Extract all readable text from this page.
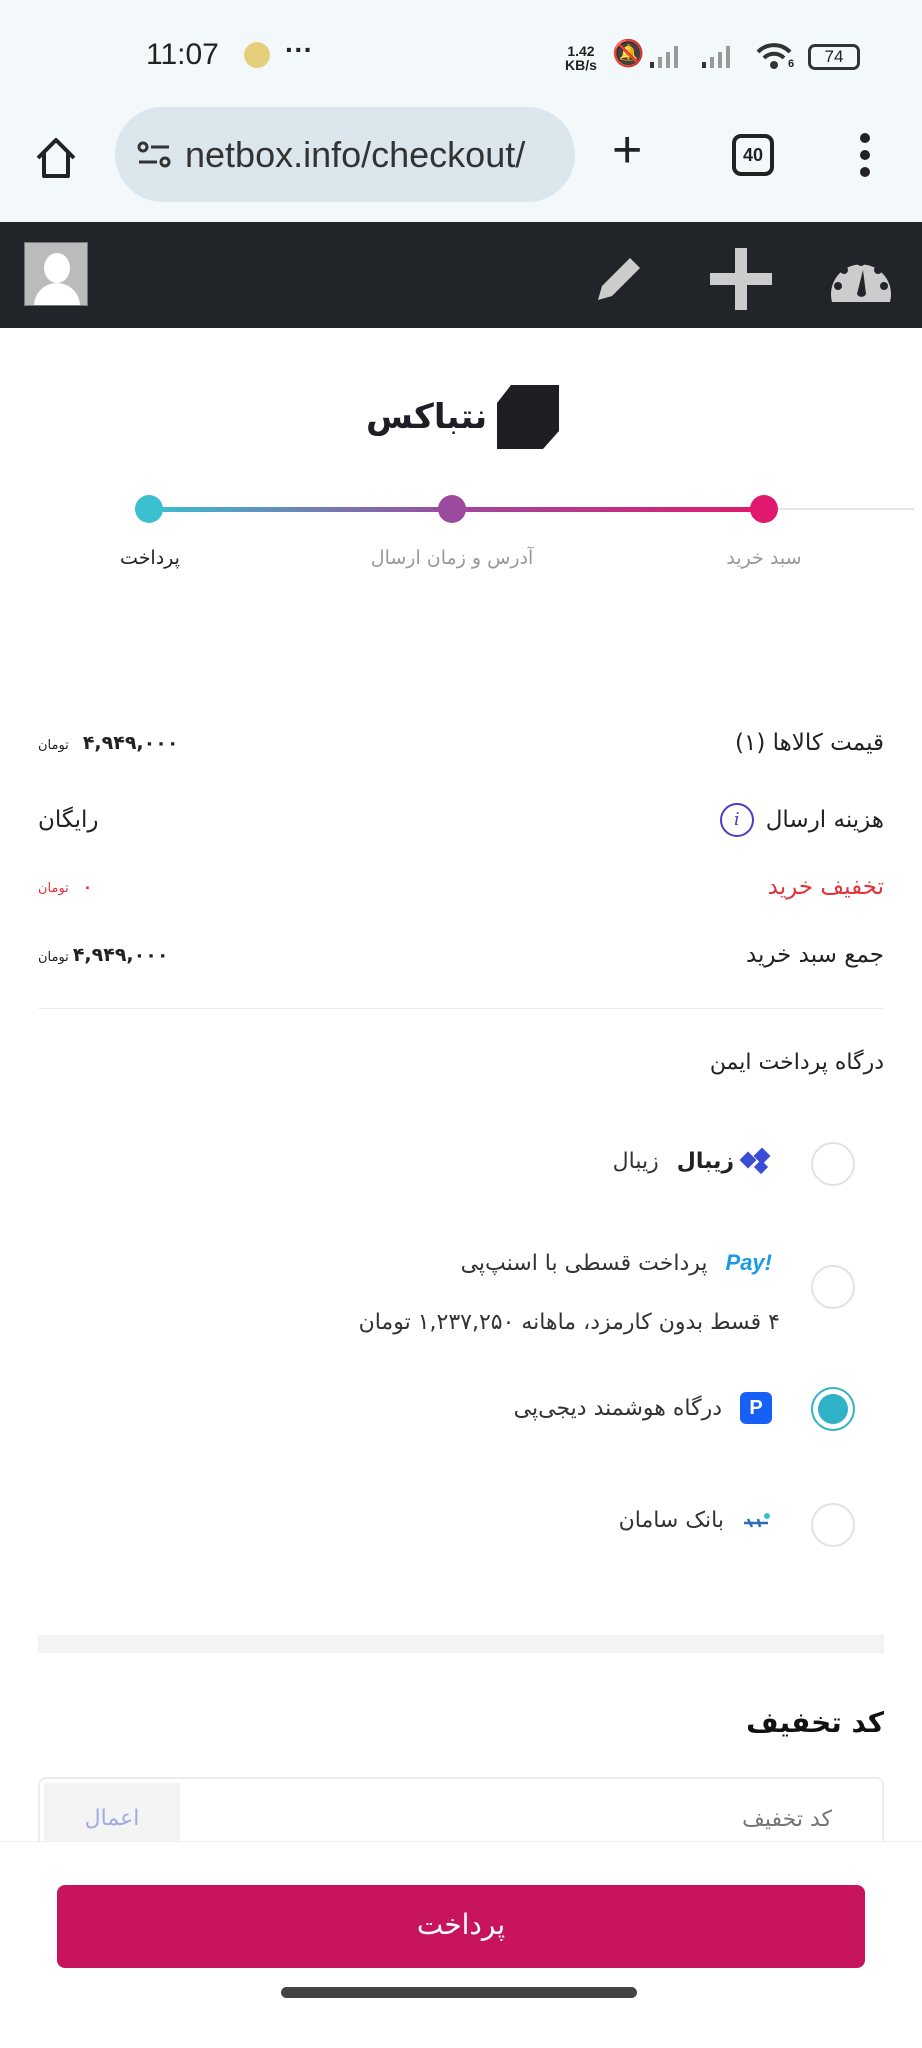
11:07 ···	1.42
KB/s 🔕	6	74
netbox.info/checkout/ +	40
نتباکس
پرداخت	آدرس و زمان ارسال	سبد خرید
قیمت کالاها (۱)
۴,۹۴۹,۰۰۰تومان
هزینه ارسال
i
رایگان
تخفیف خرید
۰تومان
جمع سبد خرید
۴,۹۴۹,۰۰۰تومان
درگاه پرداخت ایمن
زیبال
زیبال
Pay!
پرداخت قسطی با اسنپ‌پی
۴ قسط بدون کارمزد، ماهانه ۱,۲۳۷,۲۵۰ تومان
P
درگاه هوشمند دیجی‌پی
بانک سامان
کد تخفیف
کد تخفیف
اعمال
پرداخت
